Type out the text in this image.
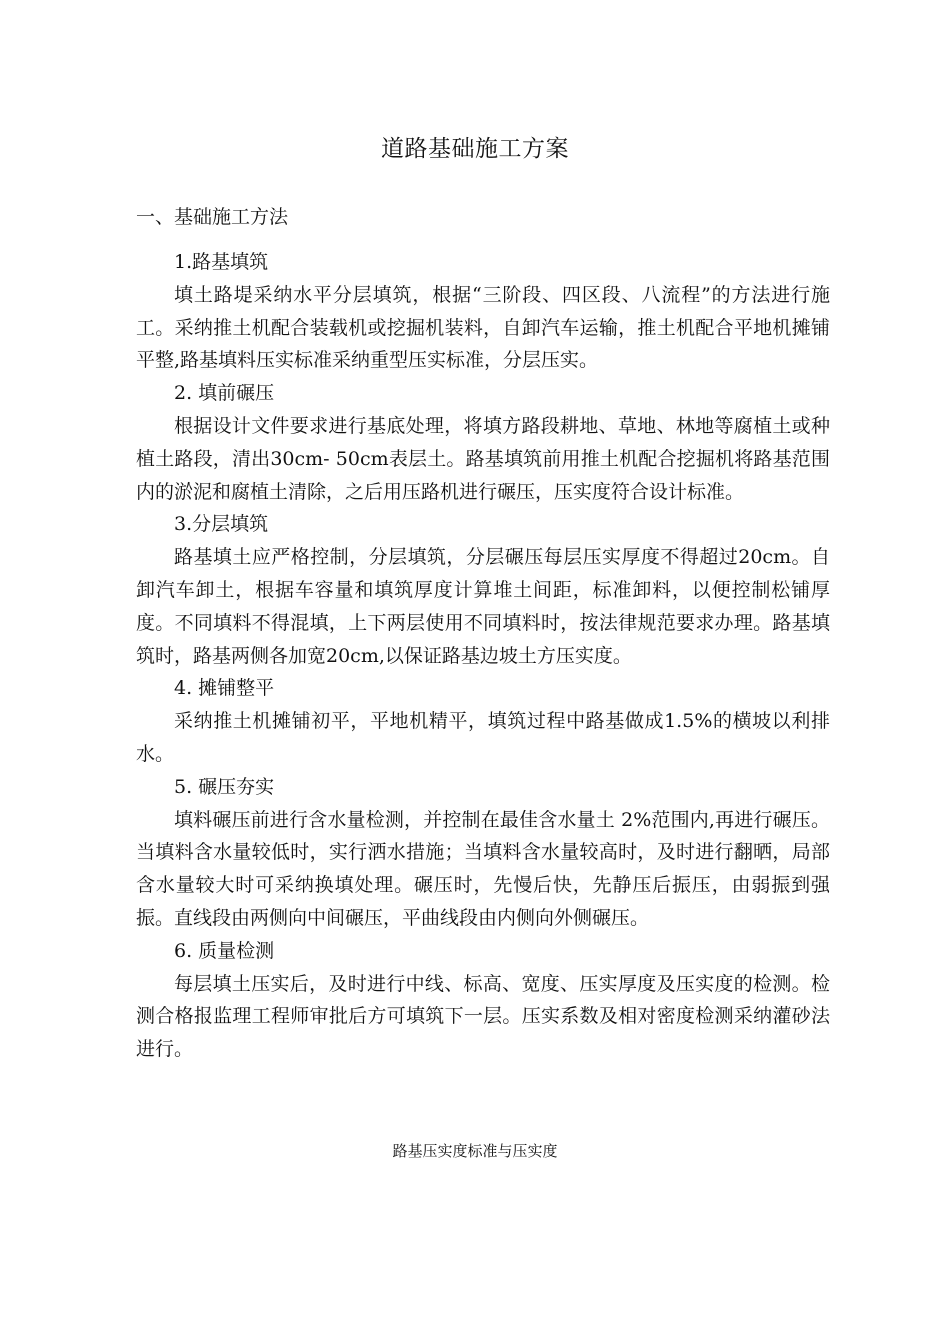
道路基础施工方案
一、基础施工方法

1.路基填筑

填土路堤采纳水平分层填筑，根据“三阶段、四区段、八流程”的方法进行施工。采纳推土机配合装载机或挖掘机装料，自卸汽车运输，推土机配合平地机摊铺平整,路基填料压实标准采纳重型压实标准，分层压实。

2. 填前碾压

根据设计文件要求进行基底处理，将填方路段耕地、草地、林地等腐植土或种植土路段，清出30cm- 50cm表层土。路基填筑前用推土机配合挖掘机将路基范围内的淤泥和腐植土清除，之后用压路机进行碾压，压实度符合设计标准。

3.分层填筑

路基填土应严格控制，分层填筑，分层碾压每层压实厚度不得超过20cm。自卸汽车卸土，根据车容量和填筑厚度计算堆土间距，标准卸料，以便控制松铺厚度。不同填料不得混填，上下两层使用不同填料时，按法律规范要求办理。路基填筑时，路基两侧各加宽20cm,以保证路基边坡土方压实度。

4. 摊铺整平

采纳推土机摊铺初平，平地机精平，填筑过程中路基做成1.5%的横坡以利排水。

5. 碾压夯实

填料碾压前进行含水量检测，并控制在最佳含水量土 2%范围内,再进行碾压。当填料含水量较低时，实行洒水措施；当填料含水量较高时，及时进行翻晒，局部含水量较大时可采纳换填处理。碾压时，先慢后快，先静压后振压，由弱振到强振。直线段由两侧向中间碾压，平曲线段由内侧向外侧碾压。

6. 质量检测

每层填土压实后，及时进行中线、标高、宽度、压实厚度及压实度的检测。检测合格报监理工程师审批后方可填筑下一层。压实系数及相对密度检测采纳灌砂法进行。

路基压实度标准与压实度
